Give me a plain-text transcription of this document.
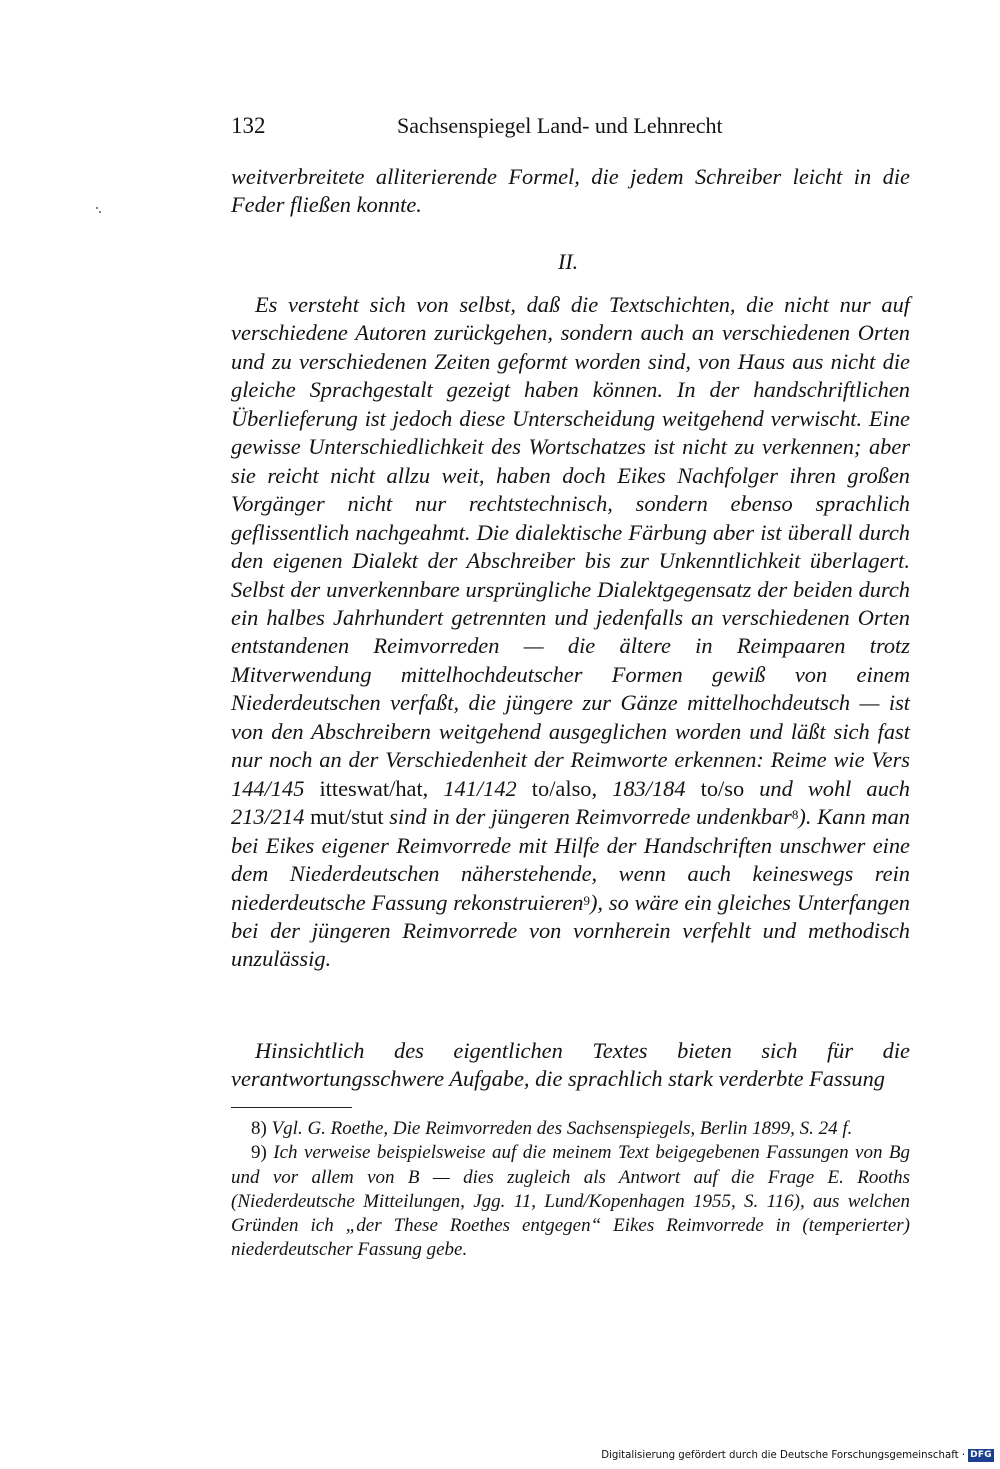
132	Sachsenspiegel Land- und Lehnrecht
weitverbreitete alliterierende Formel, die jedem Schreiber leicht in die Feder fließen konnte.
II.
Es versteht sich von selbst, daß die Textschichten, die nicht nur auf verschiedene Autoren zurückgehen, sondern auch an verschiedenen Orten und zu verschiedenen Zeiten geformt worden sind, von Haus aus nicht die gleiche Sprachgestalt gezeigt haben können. In der handschriftlichen Überlieferung ist jedoch diese Unterscheidung weitgehend verwischt. Eine gewisse Unterschiedlichkeit des Wortschatzes ist nicht zu verkennen; aber sie reicht nicht allzu weit, haben doch Eikes Nachfolger ihren großen Vorgänger nicht nur rechtstechnisch, sondern ebenso sprachlich geflissentlich nachgeahmt. Die dialektische Färbung aber ist überall durch den eigenen Dialekt der Abschreiber bis zur Unkenntlichkeit überlagert. Selbst der unverkennbare ursprüngliche Dialektgegensatz der beiden durch ein halbes Jahrhundert getrennten und jedenfalls an verschiedenen Orten entstandenen Reimvorreden — die ältere in Reimpaaren trotz Mitverwendung mittelhochdeutscher Formen gewiß von einem Niederdeutschen verfaßt, die jüngere zur Gänze mittelhochdeutsch — ist von den Abschreibern weitgehend ausgeglichen worden und läßt sich fast nur noch an der Verschiedenheit der Reimworte erkennen: Reime wie Vers 144/145 itteswat/hat, 141/142 to/also, 183/184 to/so und wohl auch 213/214 mut/stut sind in der jüngeren Reimvorrede undenkbar$^8$). Kann man bei Eikes eigener Reimvorrede mit Hilfe der Handschriften unschwer eine dem Niederdeutschen näherstehende, wenn auch keineswegs rein niederdeutsche Fassung rekonstruieren$^9$), so wäre ein gleiches Unterfangen bei der jüngeren Reimvorrede von vornherein verfehlt und methodisch unzulässig.
Hinsichtlich des eigentlichen Textes bieten sich für die verantwortungsschwere Aufgabe, die sprachlich stark verderbte Fassung
8) Vgl. G. Roethe, Die Reimvorreden des Sachsenspiegels, Berlin 1899, S. 24 f.
9) Ich verweise beispielsweise auf die meinem Text beigegebenen Fassungen von Bg und vor allem von B — dies zugleich als Antwort auf die Frage E. Rooths (Niederdeutsche Mitteilungen, Jgg. 11, Lund/Kopenhagen 1955, S. 116), aus welchen Gründen ich „der These Roethes entgegen“ Eikes Reimvorrede in (temperierter) niederdeutscher Fassung gebe.
Digitalisierung gefördert durch die Deutsche Forschungsgemeinschaft · DFG
